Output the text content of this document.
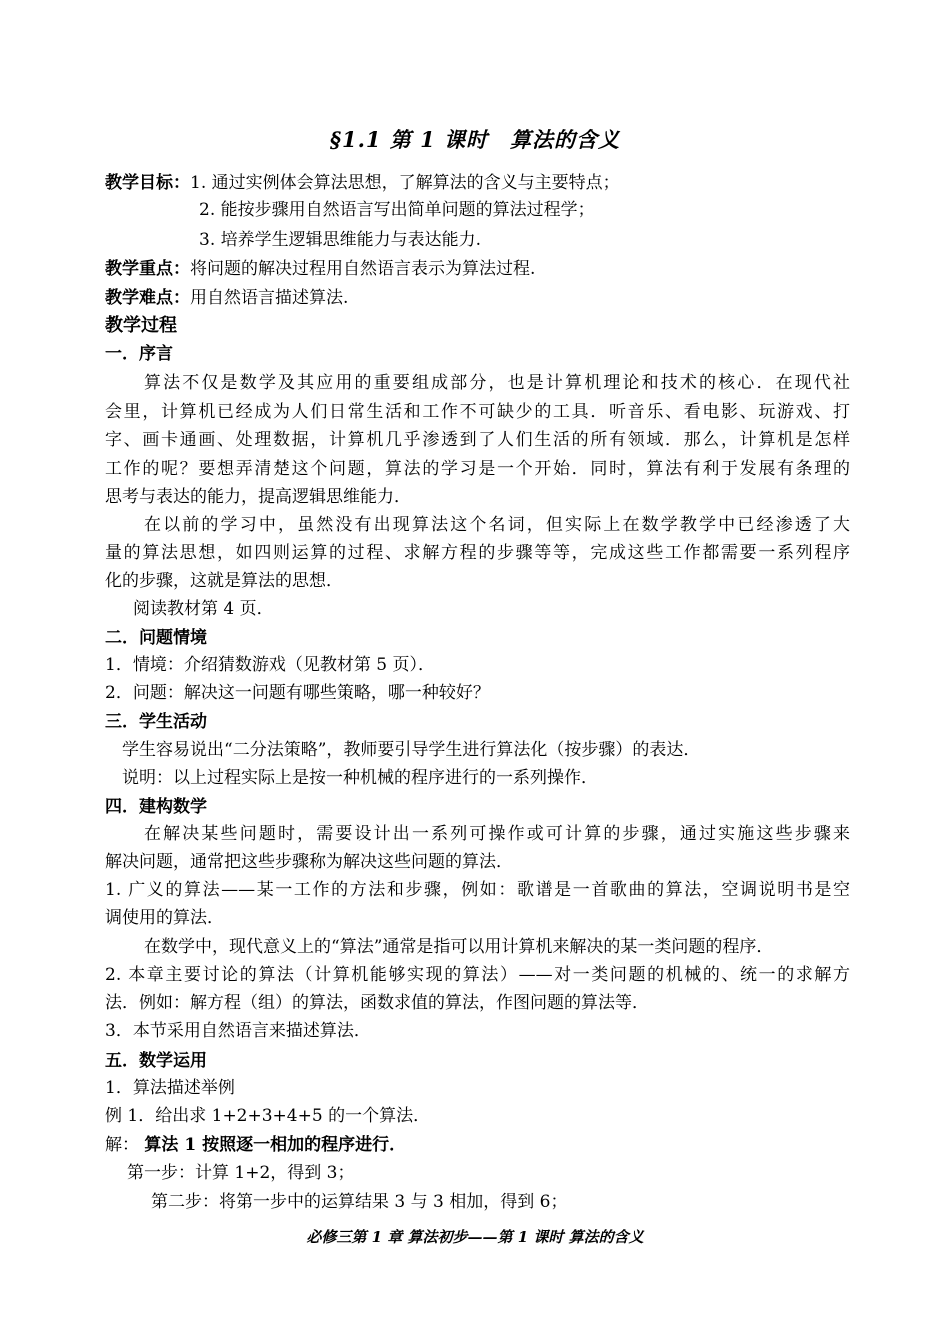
§1.1 第 1 课时　算法的含义
教学目标：1. 通过实例体会算法思想，了解算法的含义与主要特点；
2. 能按步骤用自然语言写出简单问题的算法过程学；
3. 培养学生逻辑思维能力与表达能力.
教学重点：将问题的解决过程用自然语言表示为算法过程.
教学难点：用自然语言描述算法.
教学过程
一．序言
算法不仅是数学及其应用的重要组成部分，也是计算机理论和技术的核心．在现代社
会里，计算机已经成为人们日常生活和工作不可缺少的工具．听音乐、看电影、玩游戏、打
字、画卡通画、处理数据，计算机几乎渗透到了人们生活的所有领域．那么，计算机是怎样
工作的呢？要想弄清楚这个问题，算法的学习是一个开始．同时，算法有利于发展有条理的
思考与表达的能力，提高逻辑思维能力．
在以前的学习中，虽然没有出现算法这个名词，但实际上在数学教学中已经渗透了大
量的算法思想，如四则运算的过程、求解方程的步骤等等，完成这些工作都需要一系列程序
化的步骤，这就是算法的思想．
阅读教材第 4 页．
二．问题情境
1．情境：介绍猜数游戏（见教材第 5 页）．
2．问题：解决这一问题有哪些策略，哪一种较好？
三．学生活动
学生容易说出“二分法策略”，教师要引导学生进行算法化（按步骤）的表达．
说明：以上过程实际上是按一种机械的程序进行的一系列操作．
四．建构数学
在解决某些问题时，需要设计出一系列可操作或可计算的步骤，通过实施这些步骤来
解决问题，通常把这些步骤称为解决这些问题的算法．
1. 广义的算法——某一工作的方法和步骤，例如：歌谱是一首歌曲的算法，空调说明书是空
调使用的算法．
在数学中，现代意义上的“算法”通常是指可以用计算机来解决的某一类问题的程序．
2. 本章主要讨论的算法（计算机能够实现的算法）——对一类问题的机械的、统一的求解方
法．例如：解方程（组）的算法，函数求值的算法，作图问题的算法等．
3．本节采用自然语言来描述算法．
五．数学运用
1．算法描述举例
例 1．给出求 1+2+3+4+5 的一个算法．
解： 算法 1 按照逐一相加的程序进行．
第一步：计算 1+2，得到 3；
第二步：将第一步中的运算结果 3 与 3 相加，得到 6；
必修三第 1 章 算法初步——第 1 课时 算法的含义
